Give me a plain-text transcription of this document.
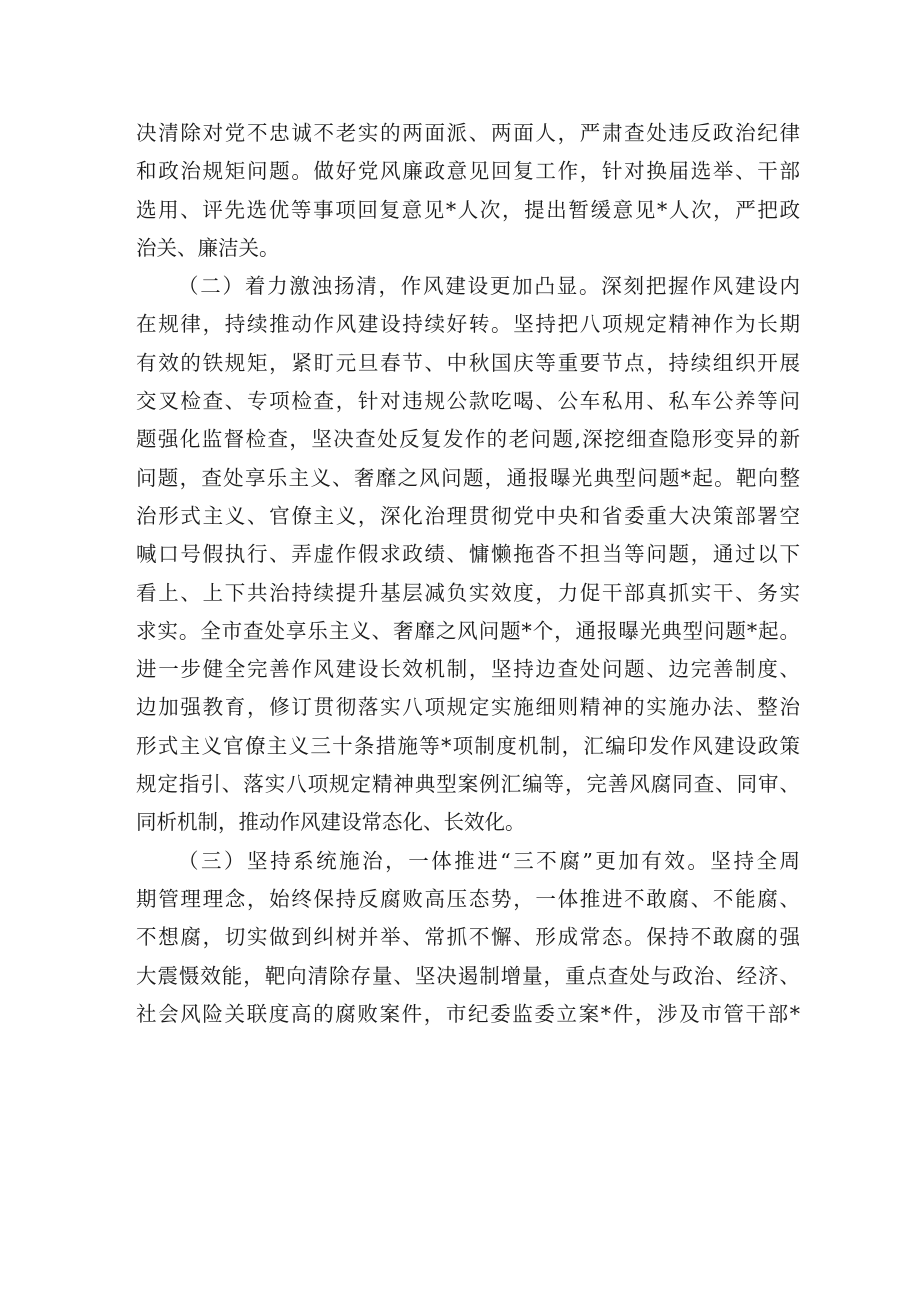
决清除对党不忠诚不老实的两面派、两面人，严肃查处违反政治纪律
和政治规矩问题。做好党风廉政意见回复工作，针对换届选举、干部
选用、评先选优等事项回复意见*人次，提出暂缓意见*人次，严把政
治关、廉洁关。
（二）着力激浊扬清，作风建设更加凸显。深刻把握作风建设内
在规律，持续推动作风建设持续好转。坚持把八项规定精神作为长期
有效的铁规矩，紧盯元旦春节、中秋国庆等重要节点，持续组织开展
交叉检查、专项检查，针对违规公款吃喝、公车私用、私车公养等问
题强化监督检查，坚决查处反复发作的老问题,深挖细查隐形变异的新
问题，查处享乐主义、奢靡之风问题，通报曝光典型问题*起。靶向整
治形式主义、官僚主义，深化治理贯彻党中央和省委重大决策部署空
喊口号假执行、弄虚作假求政绩、慵懒拖沓不担当等问题，通过以下
看上、上下共治持续提升基层减负实效度，力促干部真抓实干、务实
求实。全市查处享乐主义、奢靡之风问题*个，通报曝光典型问题*起。
进一步健全完善作风建设长效机制，坚持边查处问题、边完善制度、
边加强教育，修订贯彻落实八项规定实施细则精神的实施办法、整治
形式主义官僚主义三十条措施等*项制度机制，汇编印发作风建设政策
规定指引、落实八项规定精神典型案例汇编等，完善风腐同查、同审、
同析机制，推动作风建设常态化、长效化。
（三）坚持系统施治，一体推进“三不腐”更加有效。坚持全周
期管理理念，始终保持反腐败高压态势，一体推进不敢腐、不能腐、
不想腐，切实做到纠树并举、常抓不懈、形成常态。保持不敢腐的强
大震慑效能，靶向清除存量、坚决遏制增量，重点查处与政治、经济、
社会风险关联度高的腐败案件，市纪委监委立案*件，涉及市管干部*
